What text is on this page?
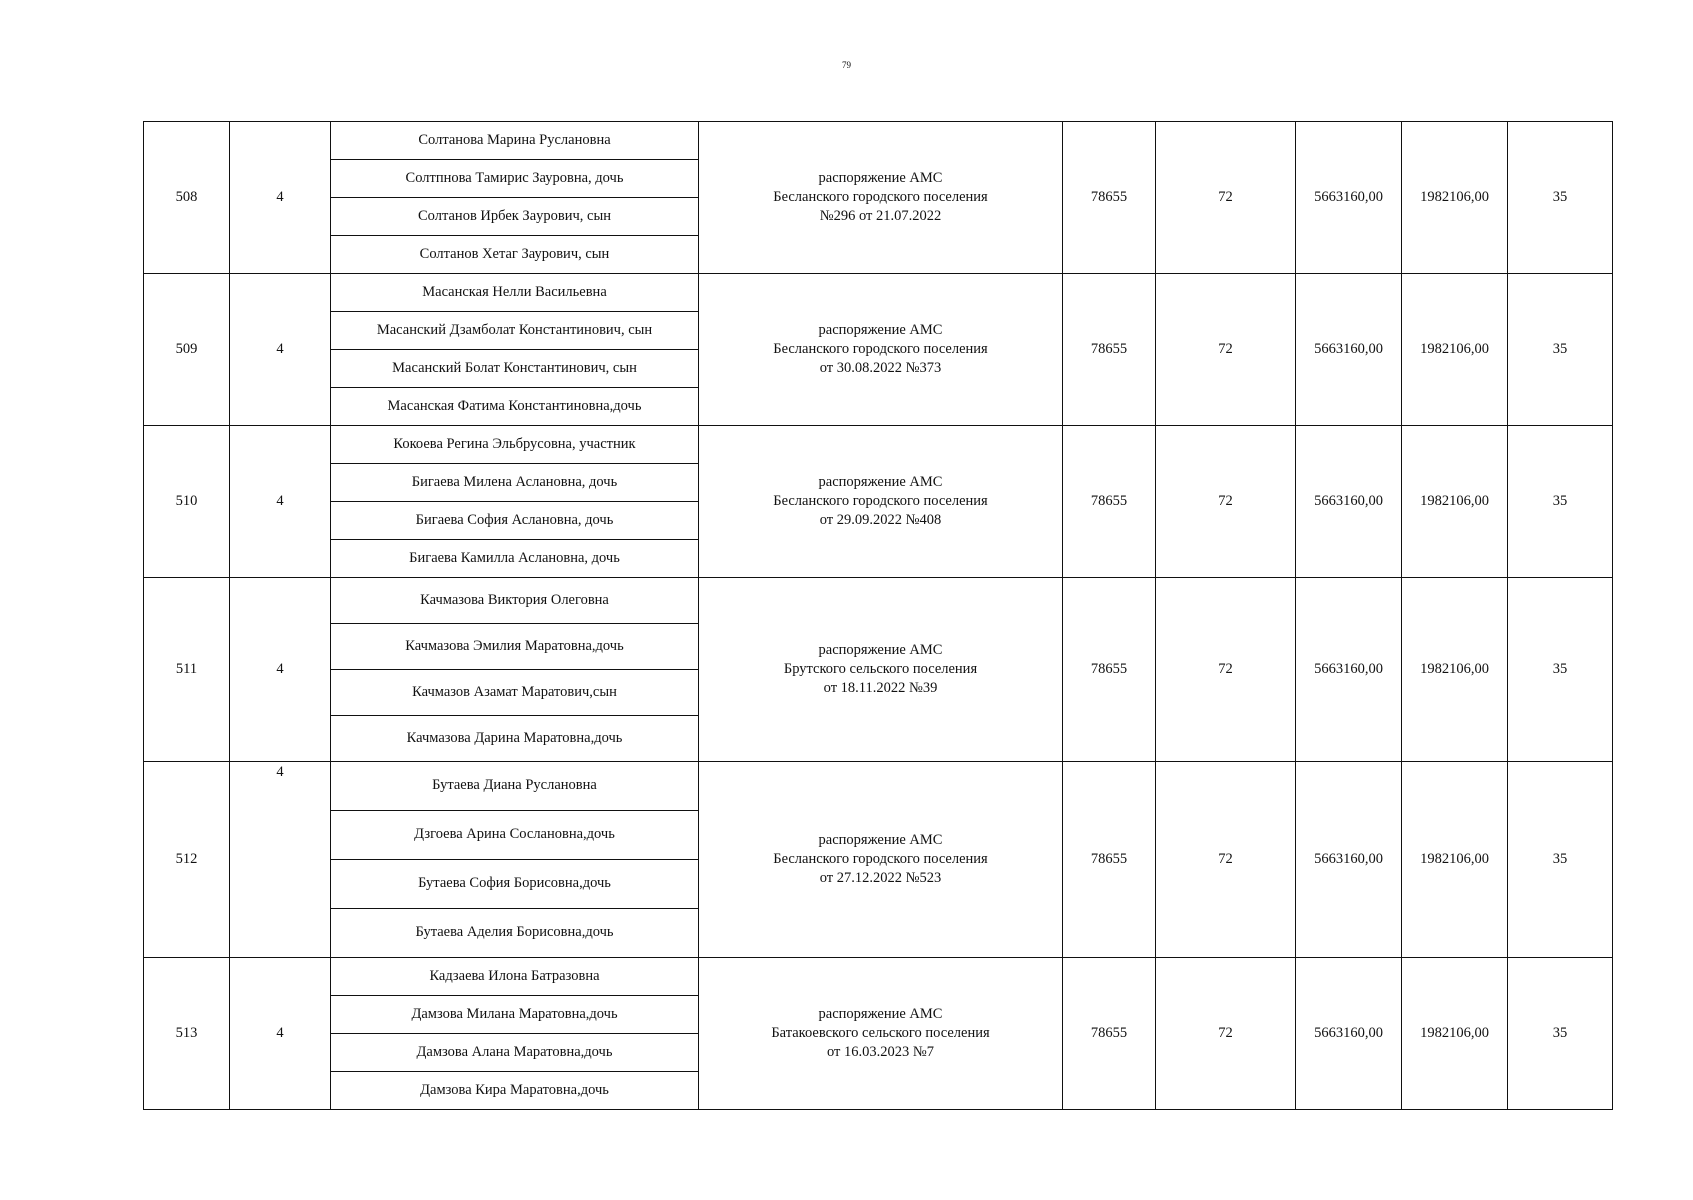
79
508	4	Солтанова Марина Руслановна	распоряжение АМС
Беслaнского городского поселения
№296 от 21.07.2022	78655	72	5663160,00	1982106,00	35
		Солтпнова Тамирис Зауровна, дочь						
		Солтанов Ирбек Зaурович, сын						
		Солтанов Хетаг Заурович, сын						
509	4	Масанская Нелли Васильевна	распоряжение АМС
Бесланского городского поселения
от 30.08.2022 №373	78655	72	5663160,00	1982106,00	35
		Масанский Дзамболат Константинович, сын						
		Масанский Болат Константинович, сын						
		Масанская Фатима Константиновна,дочь						
510	4	Кокоева Регина Эльбрусовна, участник	распоряжение АМС
Бесланского городского поселения
от 29.09.2022 №408	78655	72	5663160,00	1982106,00	35
		Бигаева Милена Аслановна, дочь						
		Бигаева София Аслановна, дочь						
		Бигаева Камилла Аслановна, дочь						
511	4	Качмазова Виктория Олеговна	распоряжение АМС
Брутского сельского поселения
от 18.11.2022 №39	78655	72	5663160,00	1982106,00	35
		Качмазова Эмилия Маратовна,дочь						
		Качмазов Азамат Маратович,сын						
		Качмазова Дарина Маратовна,дочь						
512	4	Бутаева Диана Руслановна	распоряжение АМС
Бесланского городского поселения
от 27.12.2022 №523	78655	72	5663160,00	1982106,00	35
		Дзгоева Арина Сослановна,дочь						
		Бутаева София Борисовна,дочь						
		Бутаева Аделия Борисовна,дочь						
513	4	Кадзаева Илона Батразовна	распоряжение АМС
Батакоевского сельского поселения
от 16.03.2023 №7	78655	72	5663160,00	1982106,00	35
		Дамзова Милана Маратовна,дочь						
		Дамзова Алана Маратовна,дочь						
		Дамзова Кира Маратовна,дочь						
